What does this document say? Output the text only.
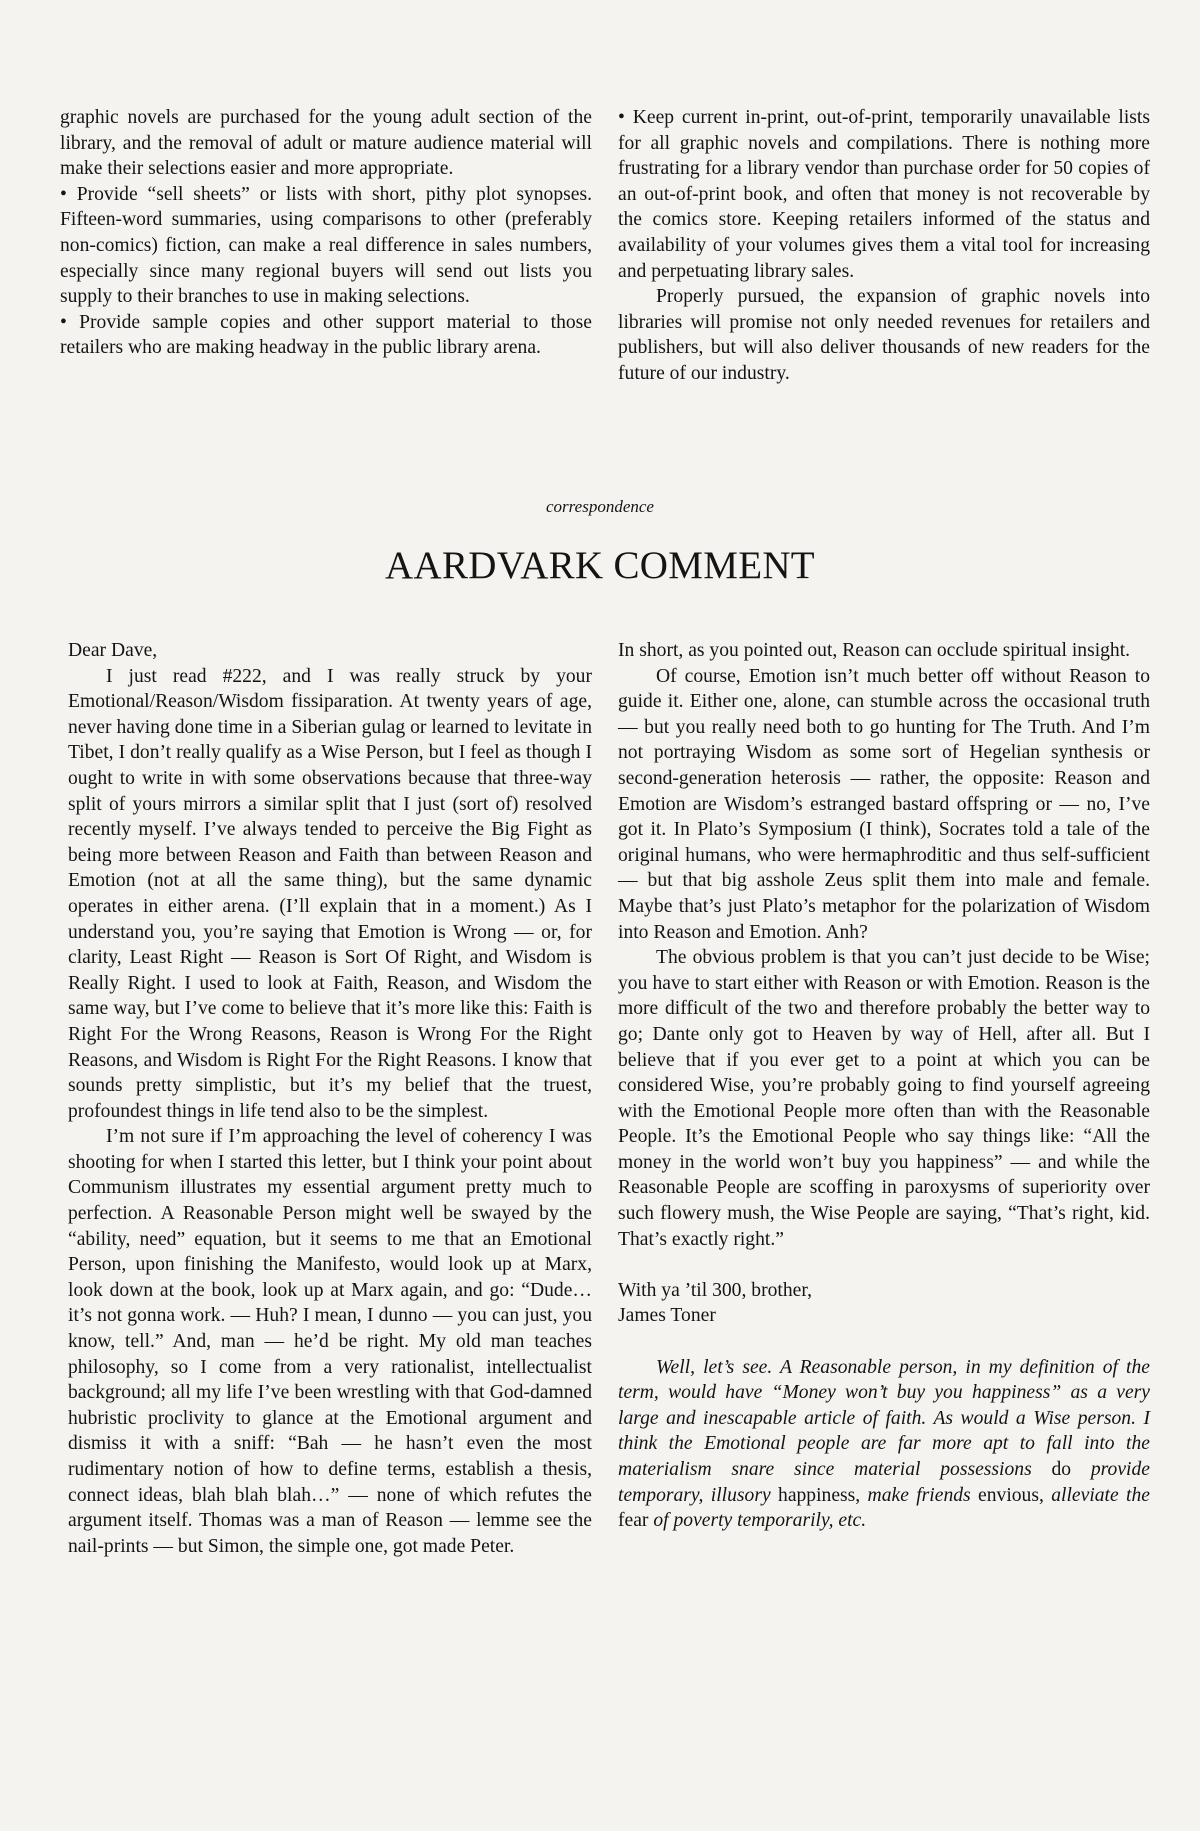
graphic novels are purchased for the young adult section of the library, and the removal of adult or mature audience material will make their selections easier and more appropriate.

• Provide “sell sheets” or lists with short, pithy plot synopses. Fifteen-word summaries, using comparisons to other (preferably non-comics) fiction, can make a real difference in sales numbers, especially since many regional buyers will send out lists you supply to their branches to use in making selections.

• Provide sample copies and other support material to those retailers who are making headway in the public library arena.

• Keep current in-print, out-of-print, temporarily unavailable lists for all graphic novels and compilations. There is nothing more frustrating for a library vendor than purchase order for 50 copies of an out-of-print book, and often that money is not recoverable by the comics store. Keeping retailers informed of the status and availability of your volumes gives them a vital tool for increasing and perpetuating library sales.

Properly pursued, the expansion of graphic novels into libraries will promise not only needed revenues for retailers and publishers, but will also deliver thousands of new readers for the future of our industry.

correspondence
AARDVARK COMMENT

Dear Dave,

I just read #222, and I was really struck by your Emotional/Reason/Wisdom fissiparation. At twenty years of age, never having done time in a Siberian gulag or learned to levitate in Tibet, I don’t really qualify as a Wise Person, but I feel as though I ought to write in with some observations because that three-way split of yours mirrors a similar split that I just (sort of) resolved recently myself. I’ve always tended to perceive the Big Fight as being more between Reason and Faith than between Reason and Emotion (not at all the same thing), but the same dynamic operates in either arena. (I’ll explain that in a moment.) As I understand you, you’re saying that Emotion is Wrong — or, for clarity, Least Right — Reason is Sort Of Right, and Wisdom is Really Right. I used to look at Faith, Reason, and Wisdom the same way, but I’ve come to believe that it’s more like this: Faith is Right For the Wrong Reasons, Reason is Wrong For the Right Reasons, and Wisdom is Right For the Right Reasons. I know that sounds pretty simplistic, but it’s my belief that the truest, profoundest things in life tend also to be the simplest.

I’m not sure if I’m approaching the level of coherency I was shooting for when I started this letter, but I think your point about Communism illustrates my essential argument pretty much to perfection. A Reasonable Person might well be swayed by the “ability, need” equation, but it seems to me that an Emotional Person, upon finishing the Manifesto, would look up at Marx, look down at the book, look up at Marx again, and go: “Dude…it’s not gonna work. — Huh? I mean, I dunno — you can just, you know, tell.” And, man — he’d be right. My old man teaches philosophy, so I come from a very rationalist, intellectualist background; all my life I’ve been wrestling with that God-damned hubristic proclivity to glance at the Emotional argument and dismiss it with a sniff: “Bah — he hasn’t even the most rudimentary notion of how to define terms, establish a thesis, connect ideas, blah blah blah…” — none of which refutes the argument itself. Thomas was a man of Reason — lemme see the nail-prints — but Simon, the simple one, got made Peter.

In short, as you pointed out, Reason can occlude spiritual insight.

Of course, Emotion isn’t much better off without Reason to guide it. Either one, alone, can stumble across the occasional truth — but you really need both to go hunting for The Truth. And I’m not portraying Wisdom as some sort of Hegelian synthesis or second-generation heterosis — rather, the opposite: Reason and Emotion are Wisdom’s estranged bastard offspring or — no, I’ve got it. In Plato’s Symposium (I think), Socrates told a tale of the original humans, who were hermaphroditic and thus self-sufficient — but that big asshole Zeus split them into male and female. Maybe that’s just Plato’s metaphor for the polarization of Wisdom into Reason and Emotion. Anh?

The obvious problem is that you can’t just decide to be Wise; you have to start either with Reason or with Emotion. Reason is the more difficult of the two and therefore probably the better way to go; Dante only got to Heaven by way of Hell, after all. But I believe that if you ever get to a point at which you can be considered Wise, you’re probably going to find yourself agreeing with the Emotional People more often than with the Reasonable People. It’s the Emotional People who say things like: “All the money in the world won’t buy you happiness” — and while the Reasonable People are scoffing in paroxysms of superiority over such flowery mush, the Wise People are saying, “That’s right, kid. That’s exactly right.”

With ya ’til 300, brother,

James Toner

Well, let’s see. A Reasonable person, in my definition of the term, would have “Money won’t buy you happiness” as a very large and inescapable article of faith. As would a Wise person. I think the Emotional people are far more apt to fall into the materialism snare since material possessions do provide temporary, illusory happiness, make friends envious, alleviate the fear of poverty temporarily, etc.
